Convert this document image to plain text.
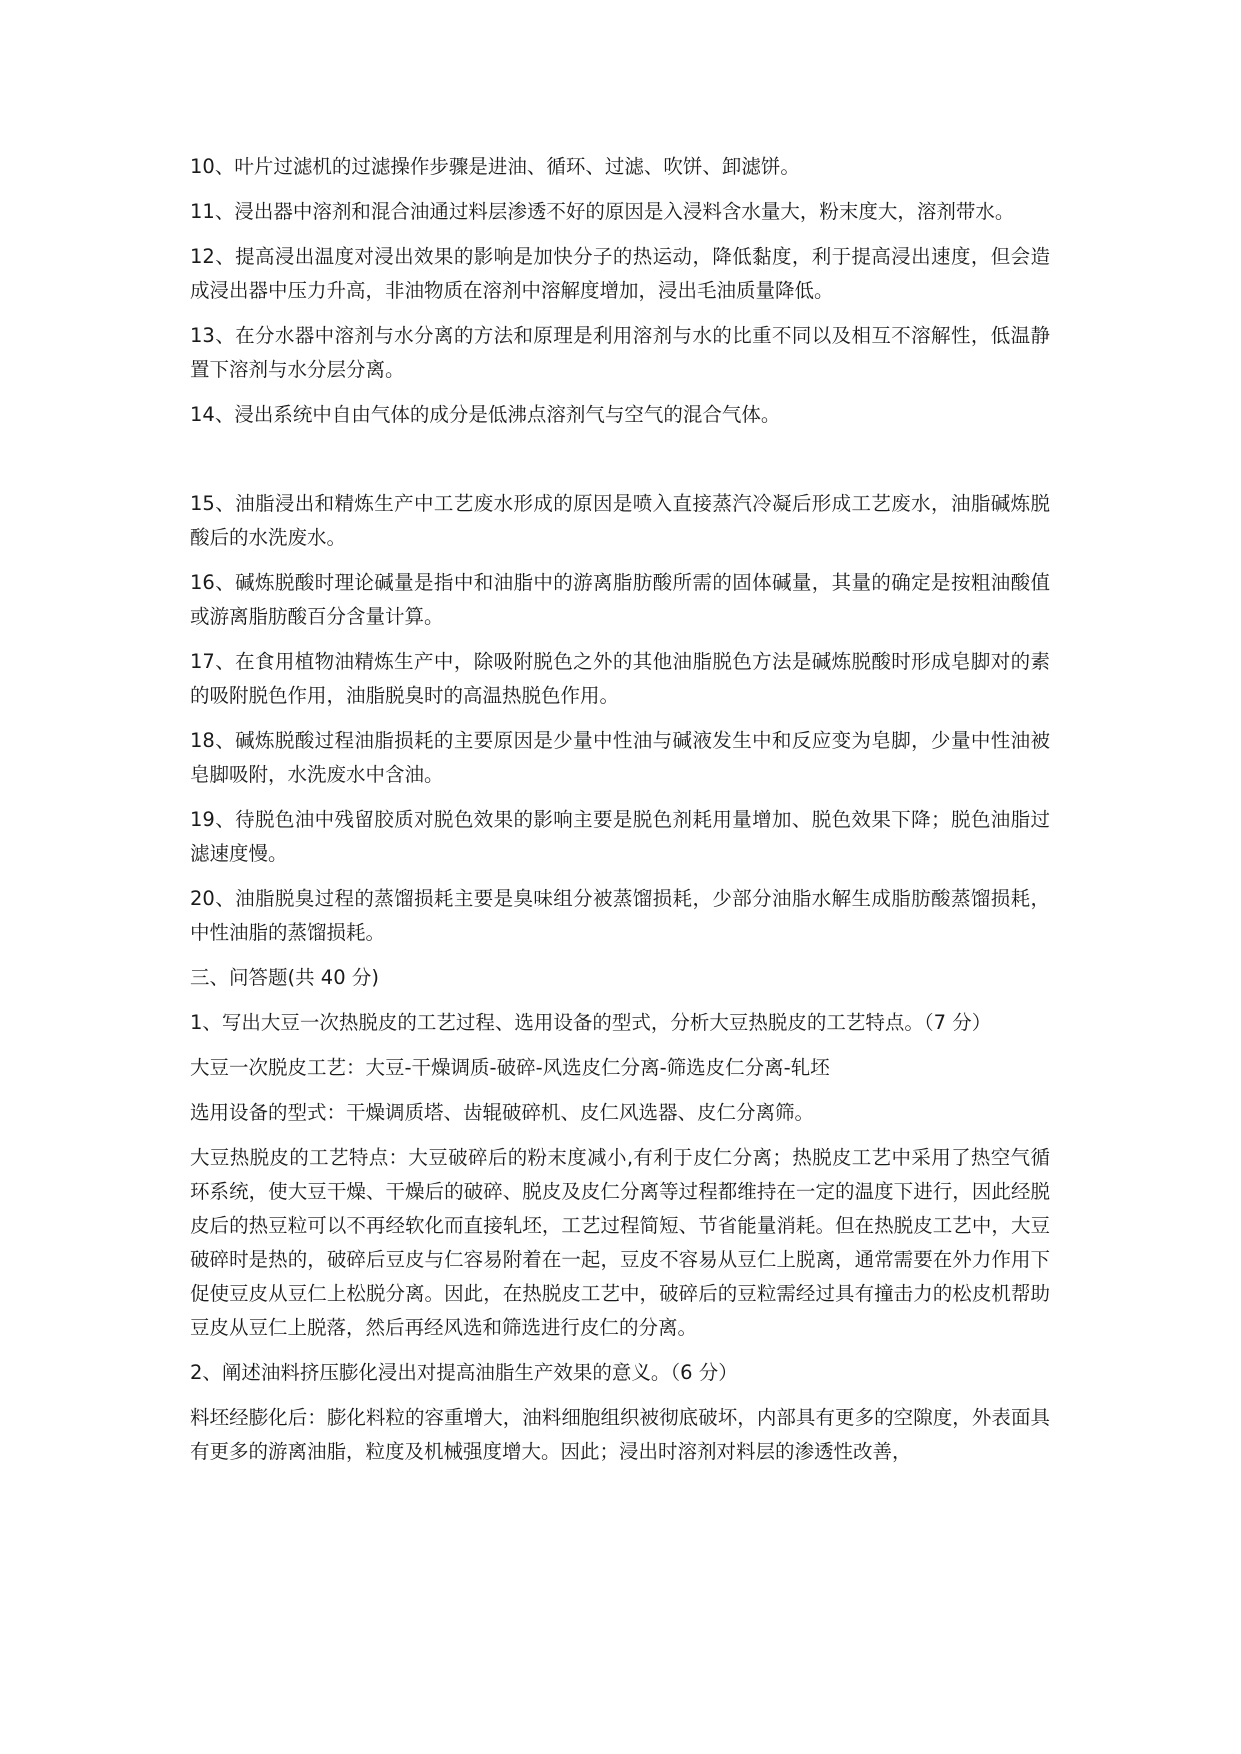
10、叶片过滤机的过滤操作步骤是进油、循环、过滤、吹饼、卸滤饼。

11、浸出器中溶剂和混合油通过料层渗透不好的原因是入浸料含水量大，粉末度大，溶剂带水。

12、提高浸出温度对浸出效果的影响是加快分子的热运动，降低黏度，利于提高浸出速度，但会造成浸出器中压力升高，非油物质在溶剂中溶解度增加，浸出毛油质量降低。

13、在分水器中溶剂与水分离的方法和原理是利用溶剂与水的比重不同以及相互不溶解性，低温静置下溶剂与水分层分离。

14、浸出系统中自由气体的成分是低沸点溶剂气与空气的混合气体。

15、油脂浸出和精炼生产中工艺废水形成的原因是喷入直接蒸汽冷凝后形成工艺废水，油脂碱炼脱酸后的水洗废水。

16、碱炼脱酸时理论碱量是指中和油脂中的游离脂肪酸所需的固体碱量，其量的确定是按粗油酸值或游离脂肪酸百分含量计算。

17、在食用植物油精炼生产中，除吸附脱色之外的其他油脂脱色方法是碱炼脱酸时形成皂脚对的素的吸附脱色作用，油脂脱臭时的高温热脱色作用。

18、碱炼脱酸过程油脂损耗的主要原因是少量中性油与碱液发生中和反应变为皂脚，少量中性油被皂脚吸附，水洗废水中含油。

19、待脱色油中残留胶质对脱色效果的影响主要是脱色剂耗用量增加、脱色效果下降；脱色油脂过滤速度慢。

20、油脂脱臭过程的蒸馏损耗主要是臭味组分被蒸馏损耗，少部分油脂水解生成脂肪酸蒸馏损耗，中性油脂的蒸馏损耗。

三、问答题(共 40 分)

1、写出大豆一次热脱皮的工艺过程、选用设备的型式，分析大豆热脱皮的工艺特点。（7 分）

大豆一次脱皮工艺：大豆-干燥调质-破碎-风选皮仁分离-筛选皮仁分离-轧坯

选用设备的型式：干燥调质塔、齿辊破碎机、皮仁风选器、皮仁分离筛。

大豆热脱皮的工艺特点：大豆破碎后的粉末度减小,有利于皮仁分离；热脱皮工艺中采用了热空气循环系统，使大豆干燥、干燥后的破碎、脱皮及皮仁分离等过程都维持在一定的温度下进行，因此经脱皮后的热豆粒可以不再经软化而直接轧坯，工艺过程简短、节省能量消耗。但在热脱皮工艺中，大豆破碎时是热的，破碎后豆皮与仁容易附着在一起，豆皮不容易从豆仁上脱离，通常需要在外力作用下促使豆皮从豆仁上松脱分离。因此，在热脱皮工艺中，破碎后的豆粒需经过具有撞击力的松皮机帮助豆皮从豆仁上脱落，然后再经风选和筛选进行皮仁的分离。

2、阐述油料挤压膨化浸出对提高油脂生产效果的意义。（6 分）

料坯经膨化后：膨化料粒的容重增大，油料细胞组织被彻底破坏，内部具有更多的空隙度，外表面具有更多的游离油脂，粒度及机械强度增大。因此；浸出时溶剂对料层的渗透性改善，
